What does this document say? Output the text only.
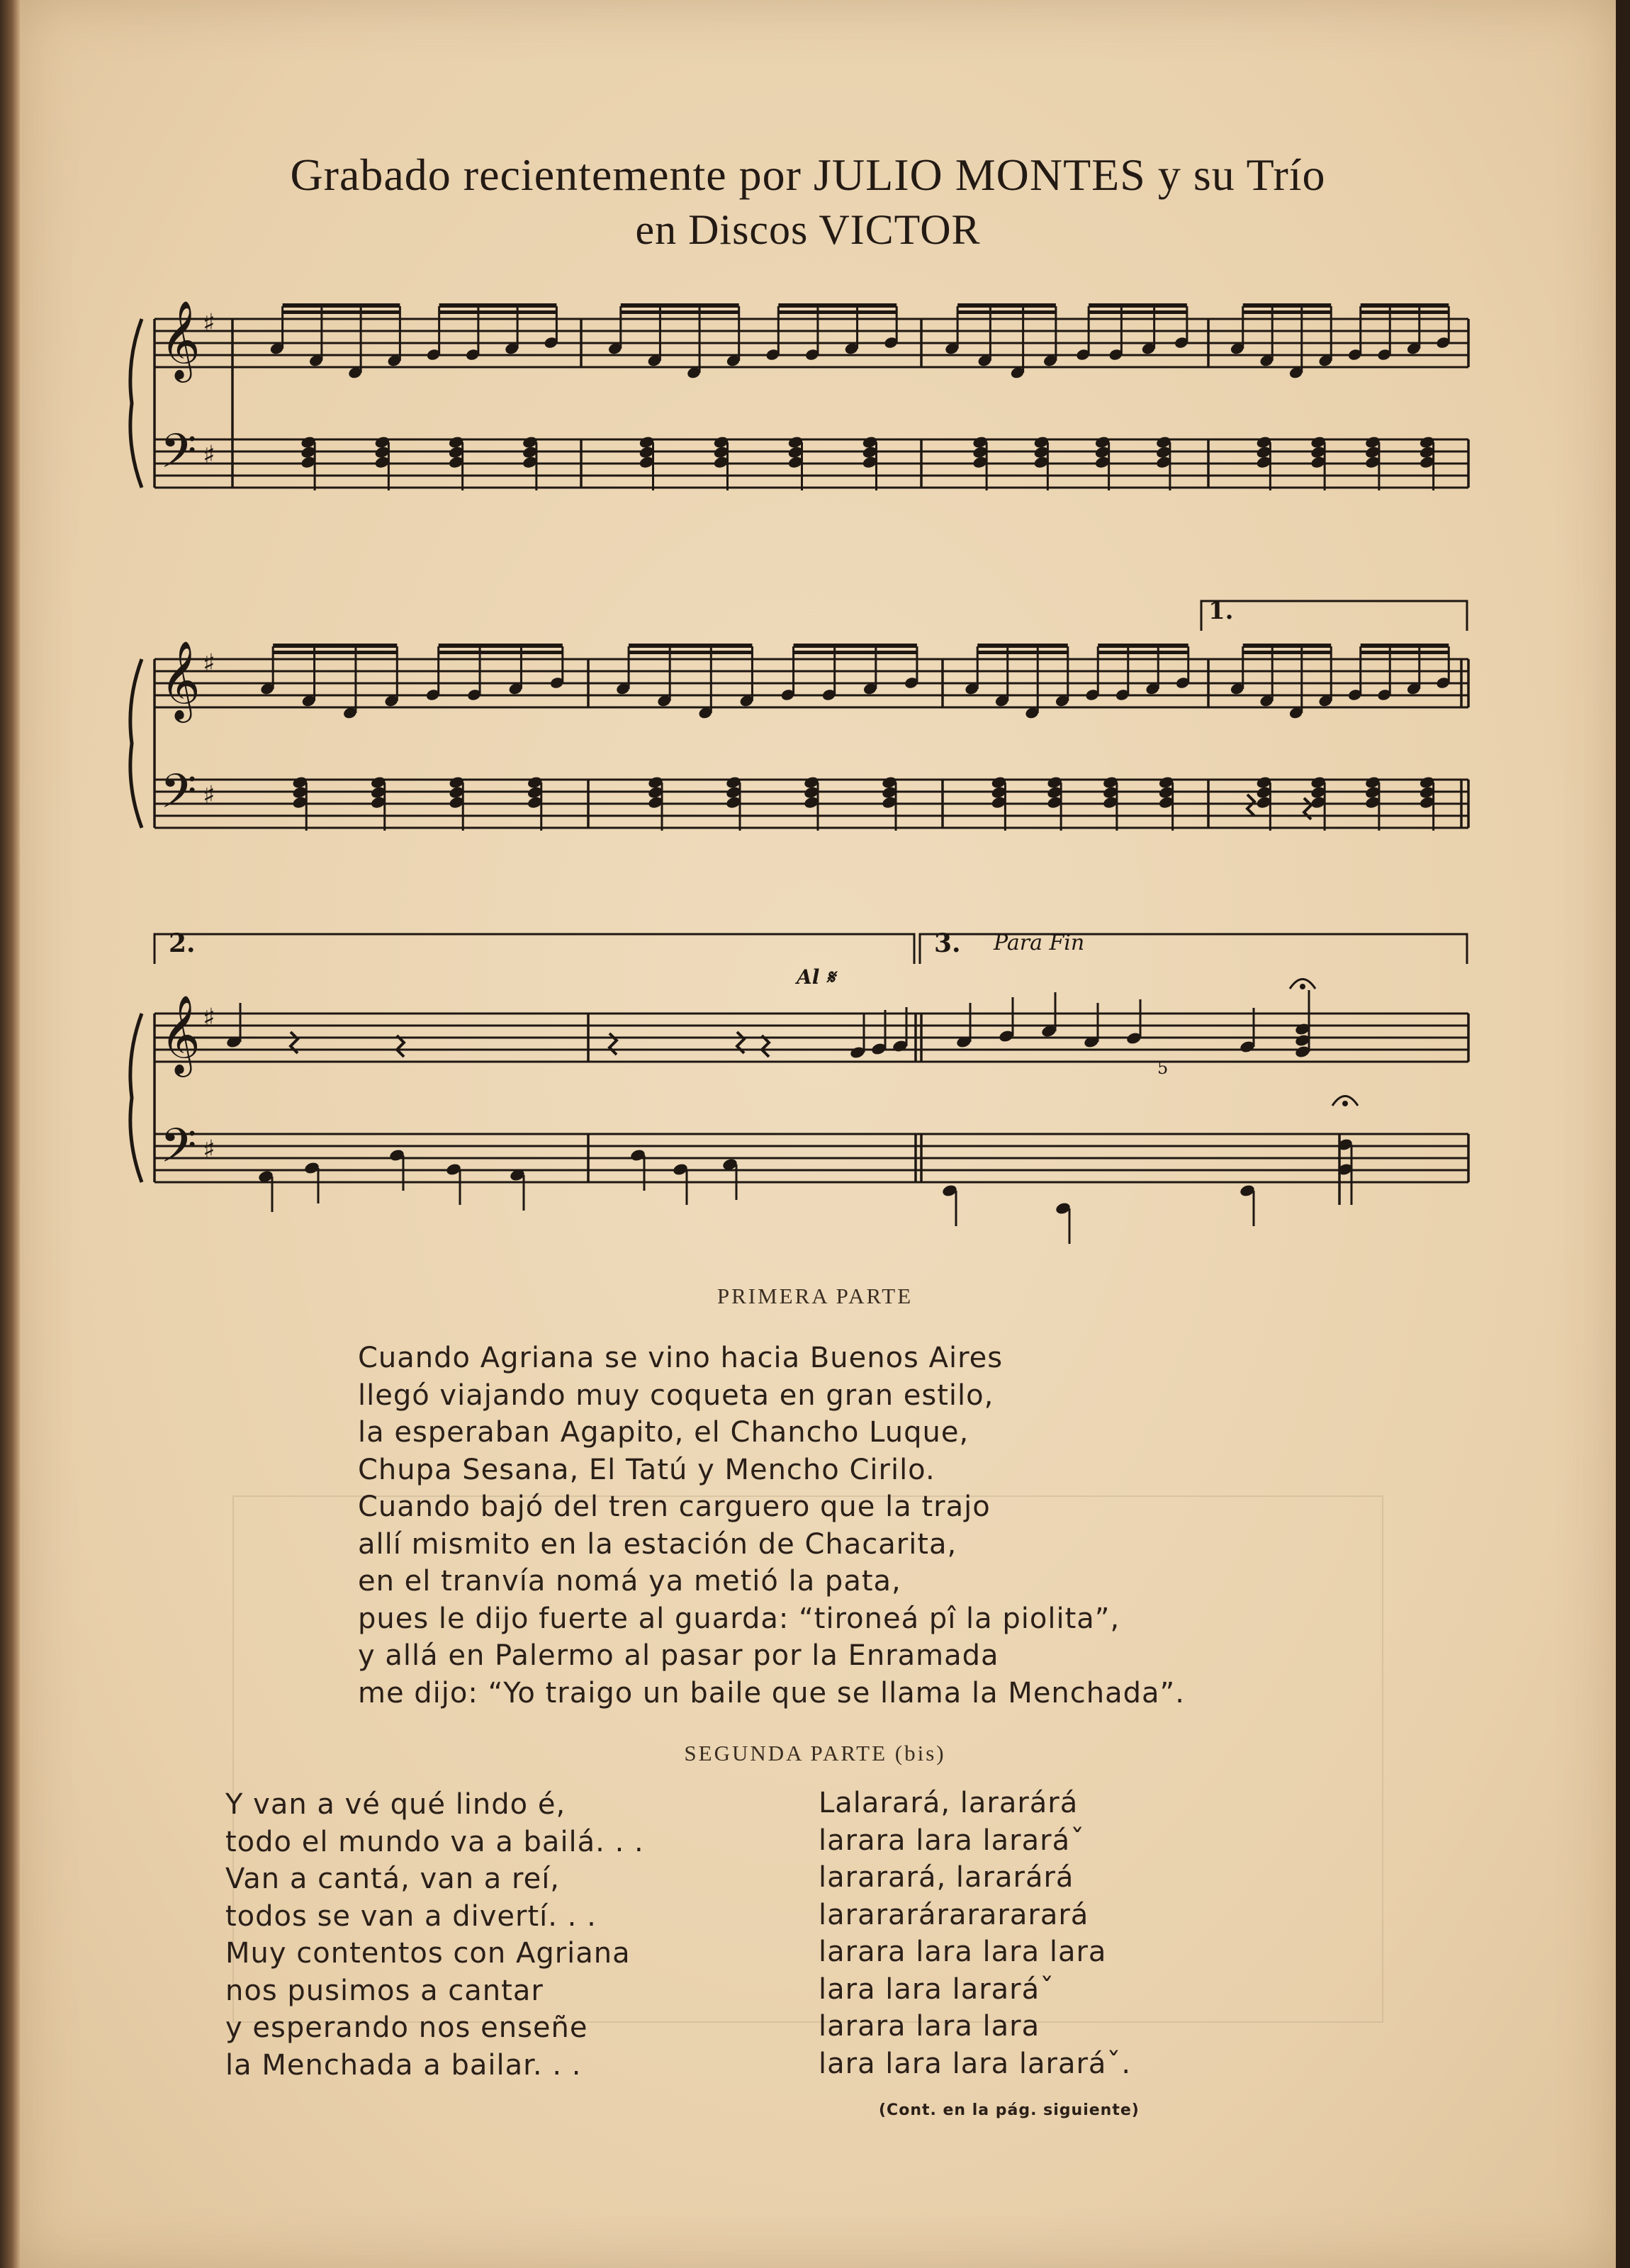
Grabado recientemente por JULIO MONTES y su Trío
en Discos VICTOR
𝄞
𝄢
♯
♯
𝄞
𝄢
♯
♯
𝄞
𝄢
♯
♯
1.
2.	3. Para Fin
Al 𝄋
5
PRIMERA PARTE
Cuando Agriana se vino hacia Buenos Aires
llegó viajando muy coqueta en gran estilo,
la esperaban Agapito, el Chancho Luque,
Chupa Sesana, El Tatú y Mencho Cirilo.
Cuando bajó del tren carguero que la trajo
allí mismito en la estación de Chacarita,
en el tranvía nomá ya metió la pata,
pues le dijo fuerte al guarda: “tironeá pî la piolita”,
y allá en Palermo al pasar por la Enramada
me dijo: “Yo traigo un baile que se llama la Menchada”.
SEGUNDA PARTE (bis)
Y van a vé qué lindo é,
todo el mundo va a bailá. . .
Van a cantá, van a reí,
todos se van a divertí. . .
Muy contentos con Agriana
nos pusimos a cantar
y esperando nos enseñe
la Menchada a bailar. . .
Lalarará, lararárá
larara lara lararáˇ
lararará, lararárá
larararárarararará
larara lara lara lara
lara lara lararáˇ
larara lara lara
lara lara lara lararáˇ.
(Cont. en la pág. siguiente)
